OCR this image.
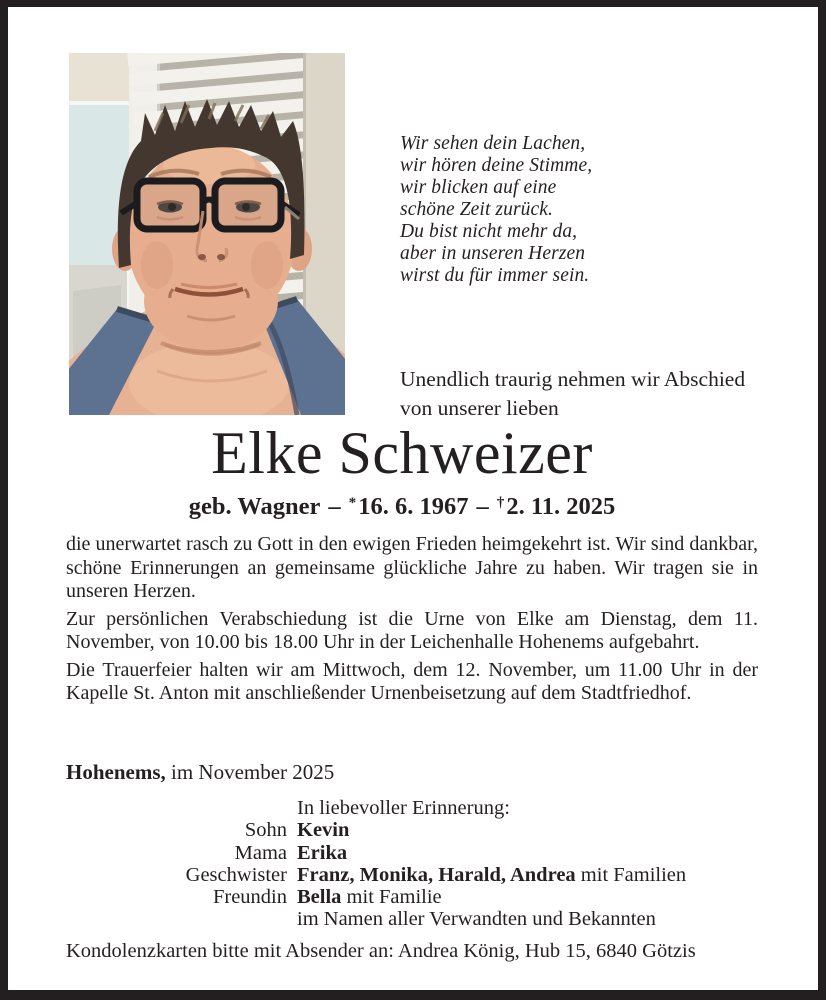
Wir sehen dein Lachen,
wir hören deine Stimme,
wir blicken auf eine
schöne Zeit zurück.
Du bist nicht mehr da,
aber in unseren Herzen
wirst du für immer sein.
Unendlich traurig nehmen wir Abschied von unserer lieben
Elke Schweizer
geb. Wagner – *16. 6. 1967 – †2. 11. 2025

die unerwartet rasch zu Gott in den ewigen Frieden heimgekehrt ist. Wir sind dankbar, schöne Erinnerungen an gemeinsame glückliche Jahre zu haben. Wir tragen sie in unseren Herzen.

Zur persönlichen Verabschiedung ist die Urne von Elke am Dienstag, dem 11. November, von 10.00 bis 18.00 Uhr in der Leichenhalle Hohenems aufgebahrt.

Die Trauerfeier halten wir am Mittwoch, dem 12. November, um 11.00 Uhr in der Kapelle St. Anton mit anschließender Urnenbeisetzung auf dem Stadtfriedhof.

Hohenems, im November 2025
In liebevoller Erinnerung:
Sohn Kevin
Mama Erika
Geschwister Franz, Monika, Harald, Andrea mit Familien
Freundin Bella mit Familie
im Namen aller Verwandten und Bekannten
Kondolenzkarten bitte mit Absender an: Andrea König, Hub 15, 6840 Götzis
